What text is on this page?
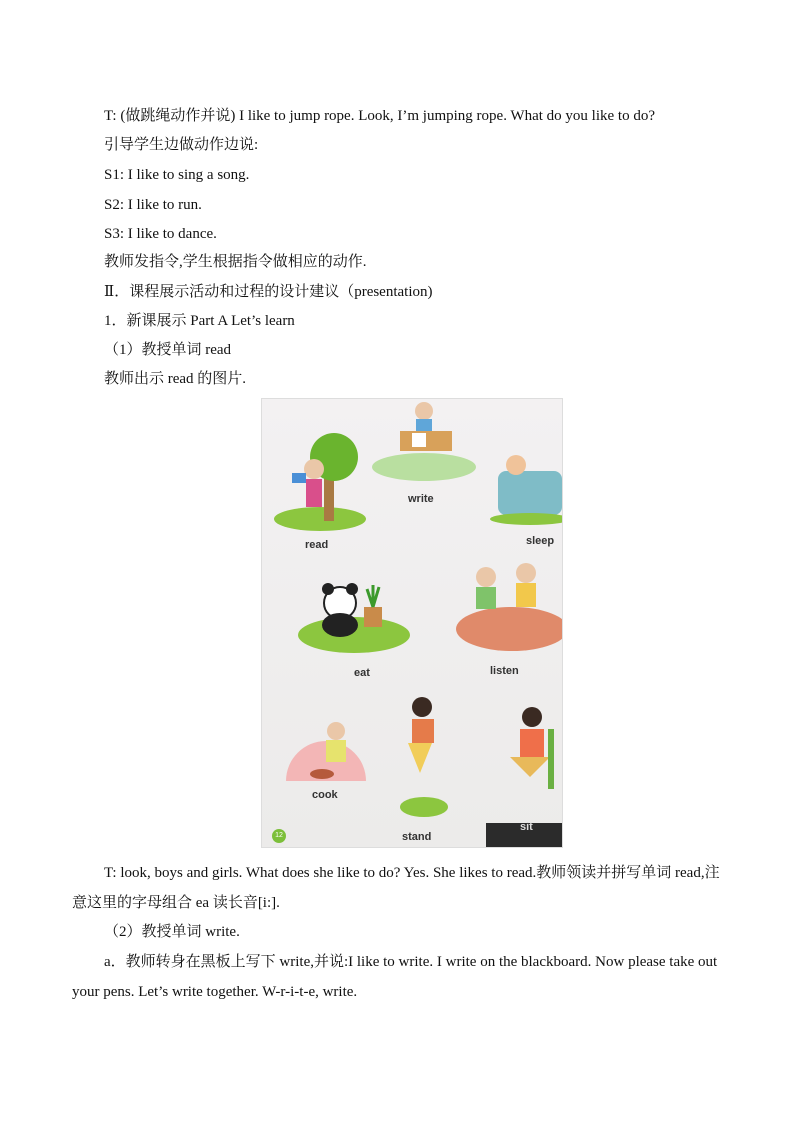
T: (做跳绳动作并说) I like to jump rope. Look, I’m jumping rope. What do you like to do?
引导学生边做动作边说:
S1: I like to sing a song.
S2: I like to run.
S3: I like to dance.
教师发指令,学生根据指令做相应的动作.
Ⅱ．课程展示活动和过程的设计建议（presentation)
1．新课展示 Part A Let’s learn
（1）教授单词 read
教师出示 read 的图片.
read
write
sleep
eat	listen
cook
stand
sit
12
T: look, boys and girls. What does she like to do? Yes. She likes to read.教师领读并拼写单词 read,注意这里的字母组合 ea 读长音[i:].
（2）教授单词 write.
a．教师转身在黑板上写下 write,并说:I like to write. I write on the blackboard. Now please take out your pens. Let’s write together. W-r-i-t-e, write.
